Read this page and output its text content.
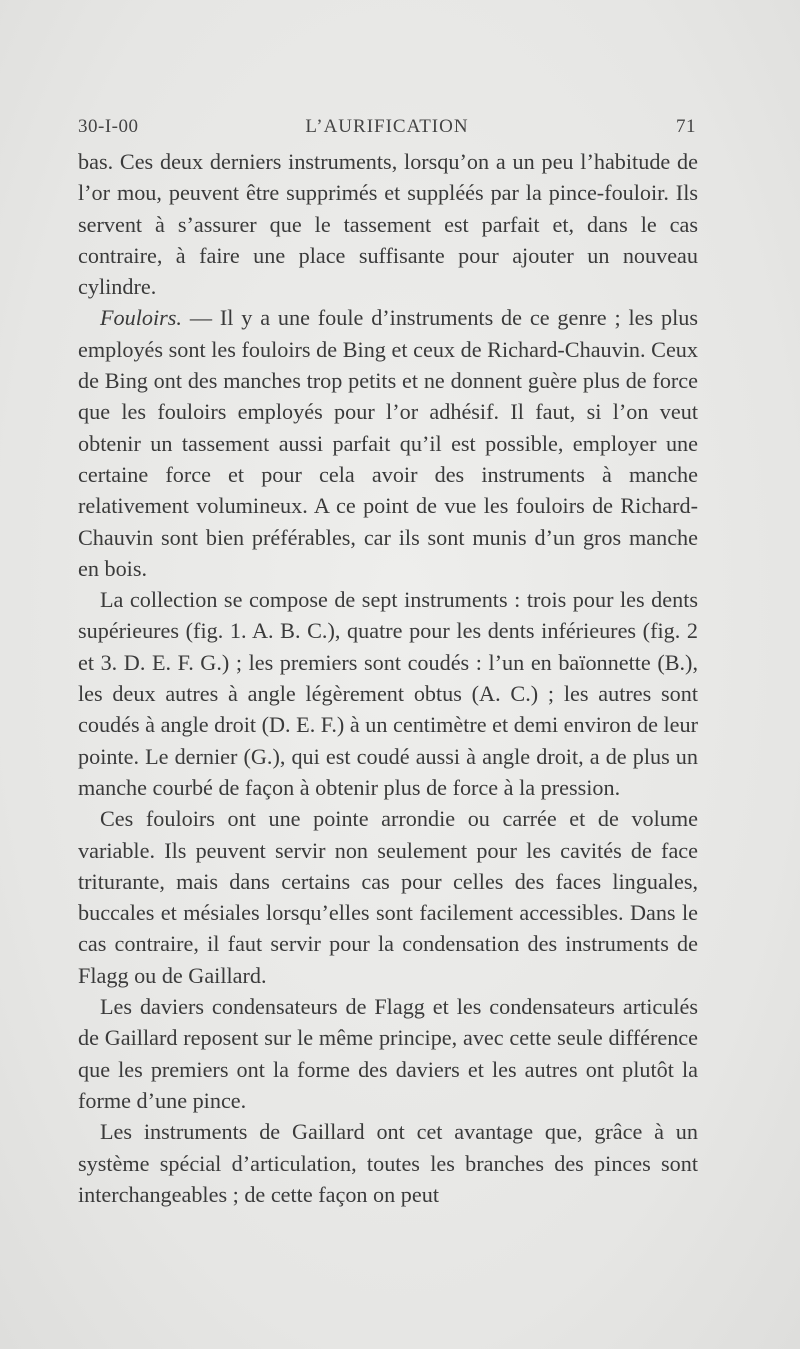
30-I-00	L’AURIFICATION	71

bas. Ces deux derniers instruments, lorsqu’on a un peu l’habitude de l’or mou, peuvent être supprimés et suppléés par la pince-fouloir. Ils servent à s’assurer que le tassement est parfait et, dans le cas contraire, à faire une place suffisante pour ajouter un nouveau cylindre.

Fouloirs. — Il y a une foule d’instruments de ce genre ; les plus employés sont les fouloirs de Bing et ceux de Richard-Chauvin. Ceux de Bing ont des manches trop petits et ne donnent guère plus de force que les fouloirs employés pour l’or adhésif. Il faut, si l’on veut obtenir un tassement aussi parfait qu’il est possible, employer une certaine force et pour cela avoir des instruments à manche relativement volumineux. A ce point de vue les fouloirs de Richard-Chauvin sont bien préférables, car ils sont munis d’un gros manche en bois.

La collection se compose de sept instruments : trois pour les dents supérieures (fig. 1. A. B. C.), quatre pour les dents inférieures (fig. 2 et 3. D. E. F. G.) ; les premiers sont coudés : l’un en baïonnette (B.), les deux autres à angle légèrement obtus (A. C.) ; les autres sont coudés à angle droit (D. E. F.) à un centimètre et demi environ de leur pointe. Le dernier (G.), qui est coudé aussi à angle droit, a de plus un manche courbé de façon à obtenir plus de force à la pression.

Ces fouloirs ont une pointe arrondie ou carrée et de volume variable. Ils peuvent servir non seulement pour les cavités de face triturante, mais dans certains cas pour celles des faces linguales, buccales et mésiales lorsqu’elles sont facilement accessibles. Dans le cas contraire, il faut servir pour la condensation des instruments de Flagg ou de Gaillard.

Les daviers condensateurs de Flagg et les condensateurs articulés de Gaillard reposent sur le même principe, avec cette seule différence que les premiers ont la forme des daviers et les autres ont plutôt la forme d’une pince.

Les instruments de Gaillard ont cet avantage que, grâce à un système spécial d’articulation, toutes les branches des pinces sont interchangeables ; de cette façon on peut
